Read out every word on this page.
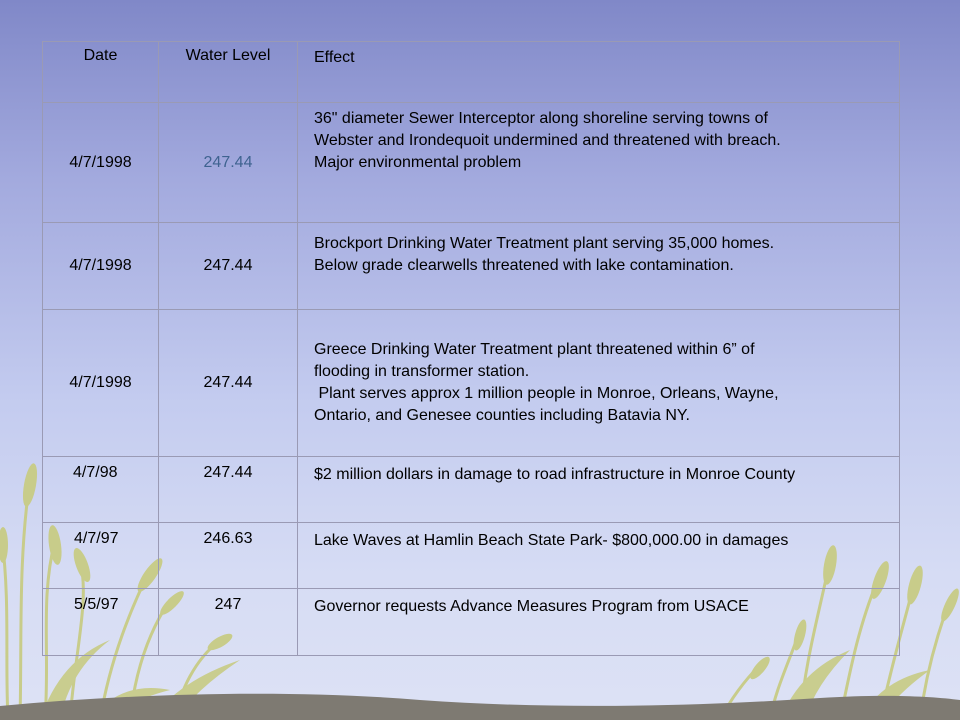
Date	Water Level	Effect
4/7/1998	247.44	36" diameter Sewer Interceptor along shoreline serving towns of
Webster and Irondequoit undermined and threatened with breach.
Major environmental problem

4/7/1998	247.44	Brockport Drinking Water Treatment plant serving 35,000 homes.
Below grade clearwells threatened with lake contamination.

4/7/1998	247.44	Greece Drinking Water Treatment plant threatened within 6” of
flooding in transformer station.
Plant serves approx 1 million people in Monroe, Orleans, Wayne,
Ontario, and Genesee counties including Batavia NY.

4/7/98	247.44	$2 million dollars in damage to road infrastructure in Monroe County

4/7/97	246.63	Lake Waves at Hamlin Beach State Park- $800,000.00 in damages

5/5/97	247	Governor requests Advance Measures Program from USACE
